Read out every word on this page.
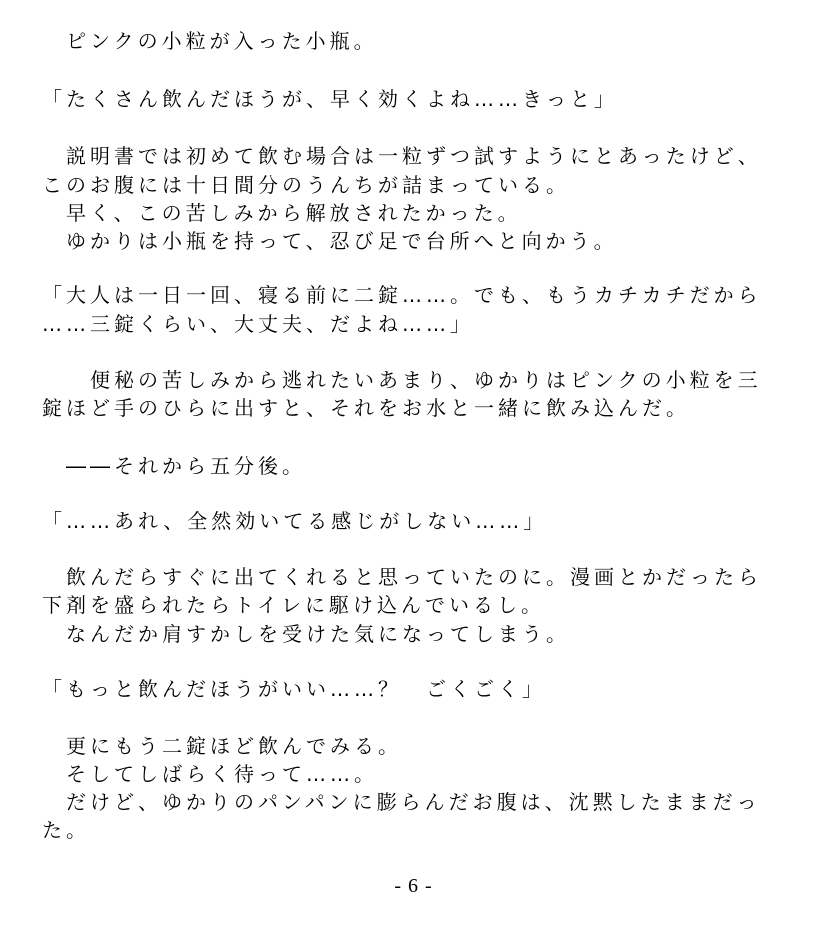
　ピンクの小粒が入った小瓶。
「たくさん飲んだほうが、早く効くよね……きっと」
　説明書では初めて飲む場合は一粒ずつ試すようにとあったけど、
このお腹には十日間分のうんちが詰まっている。
　早く、この苦しみから解放されたかった。
　ゆかりは小瓶を持って、忍び足で台所へと向かう。
「大人は一日一回、寝る前に二錠……。でも、もうカチカチだから
……三錠くらい、大丈夫、だよね……」
　　便秘の苦しみから逃れたいあまり、ゆかりはピンクの小粒を三
錠ほど手のひらに出すと、それをお水と一緒に飲み込んだ。
　――それから五分後。
「……あれ、全然効いてる感じがしない……」
　飲んだらすぐに出てくれると思っていたのに。漫画とかだったら
下剤を盛られたらトイレに駆け込んでいるし。
　なんだか肩すかしを受けた気になってしまう。
「もっと飲んだほうがいい……？　ごくごく」
　更にもう二錠ほど飲んでみる。
　そしてしばらく待って……。
　だけど、ゆかりのパンパンに膨らんだお腹は、沈黙したままだっ
た。
- 6 -
